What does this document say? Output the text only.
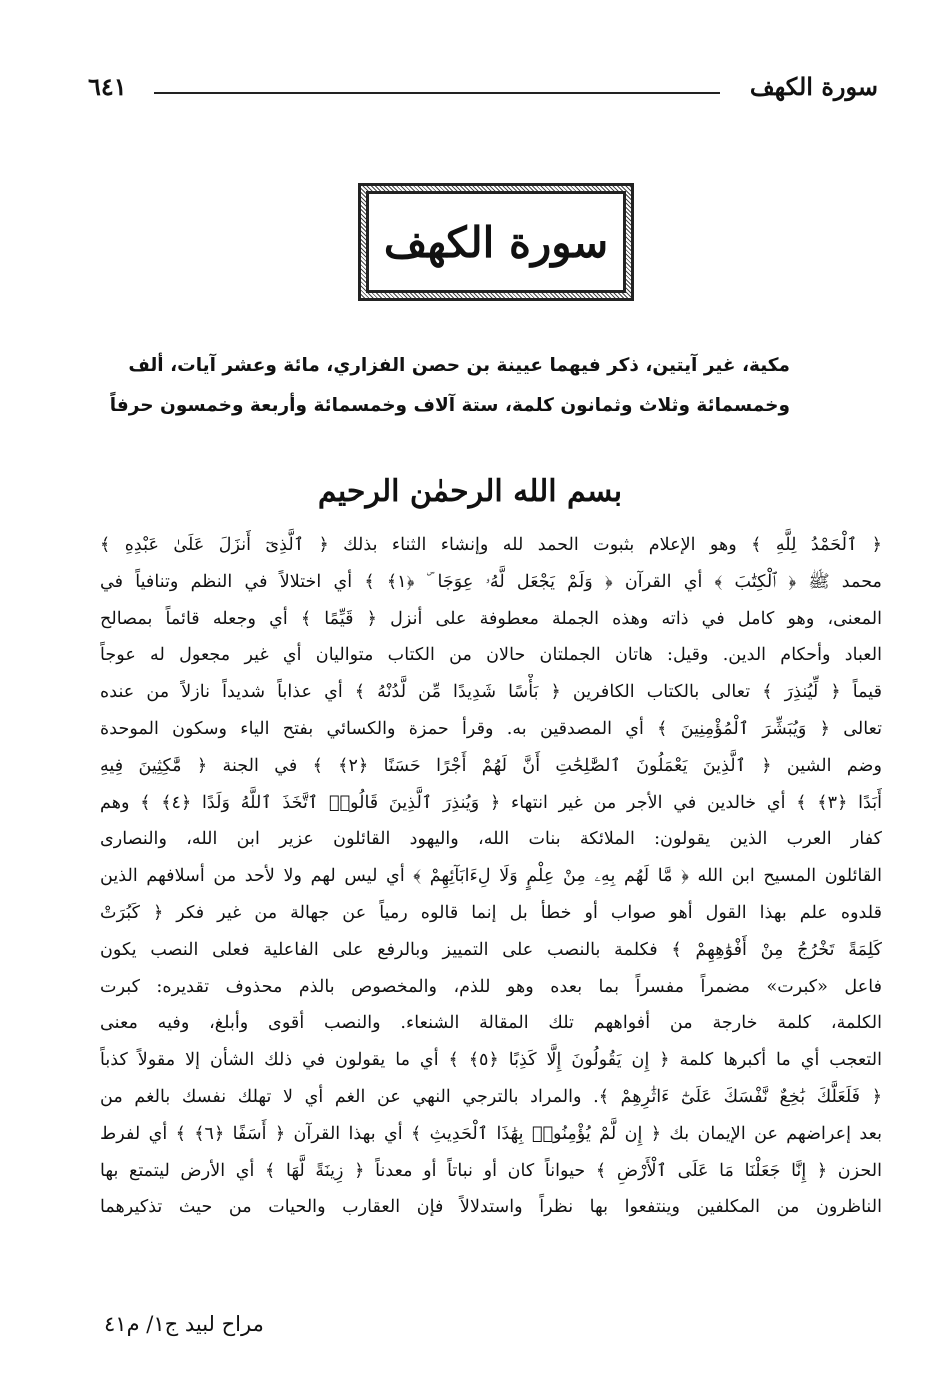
سورة الكهف
٦٤١
سورة الكهف
مكية، غير آيتين، ذكر فيهما عيينة بن حصن الفزاري، مائة وعشر آيات، ألف
وخمسمائة وثلاث وثمانون كلمة، ستة آلاف وخمسمائة وأربعة وخمسون حرفاً
بسم الله الرحمٰن الرحيم
﴿ ٱلْحَمْدُ لِلَّهِ ﴾ وهو الإعلام بثبوت الحمد لله وإنشاء الثناء بذلك ﴿ ٱلَّذِىٓ أَنزَلَ عَلَىٰ عَبْدِهِ ﴾
محمد ﷺ ﴿ ٱلْكِتَٰبَ ﴾ أي القرآن ﴿ وَلَمْ يَجْعَل لَّهُۥ عِوَجَا ۜ ﴿١﴾ ﴾ أي اختلالاً في النظم وتنافياً في
المعنى، وهو كامل في ذاته وهذه الجملة معطوفة على أنزل ﴿ قَيِّمًا ﴾ أي وجعله قائماً بمصالح
العباد وأحكام الدين. وقيل: هاتان الجملتان حالان من الكتاب متواليان أي غير مجعول له عوجاً
قيماً ﴿ لِّيُنذِرَ ﴾ تعالى بالكتاب الكافرين ﴿ بَأْسًا شَدِيدًا مِّن لَّدُنْهُ ﴾ أي عذاباً شديداً نازلاً من عنده
تعالى ﴿ وَيُبَشِّرَ ٱلْمُؤْمِنِينَ ﴾ أي المصدقين به. وقرأ حمزة والكسائي بفتح الياء وسكون الموحدة
وضم الشين ﴿ ٱلَّذِينَ يَعْمَلُونَ ٱلصَّٰلِحَٰتِ أَنَّ لَهُمْ أَجْرًا حَسَنًا ﴿٢﴾ ﴾ في الجنة ﴿ مَّٰكِثِينَ فِيهِ
أَبَدًا ﴿٣﴾ ﴾ أي خالدين في الأجر من غير انتهاء ﴿ وَيُنذِرَ ٱلَّذِينَ قَالُوا۟ ٱتَّخَذَ ٱللَّهُ وَلَدًا ﴿٤﴾ ﴾ وهم
كفار العرب الذين يقولون: الملائكة بنات الله، واليهود القائلون عزير ابن الله، والنصارى
القائلون المسيح ابن الله ﴿ مَّا لَهُم بِهِۦ مِنْ عِلْمٍ وَلَا لِءَابَآئِهِمْ ﴾ أي ليس لهم ولا لأحد من أسلافهم الذين
قلدوه علم بهذا القول أهو صواب أو خطأ بل إنما قالوه رمياً عن جهالة من غير فكر ﴿ كَبُرَتْ
كَلِمَةً تَخْرُجُ مِنْ أَفْوَٰهِهِمْ ﴾ فكلمة بالنصب على التمييز وبالرفع على الفاعلية فعلى النصب يكون
فاعل «كبرت» مضمراً مفسراً بما بعده وهو للذم، والمخصوص بالذم محذوف تقديره: كبرت
الكلمة، كلمة خارجة من أفواههم تلك المقالة الشنعاء. والنصب أقوى وأبلغ، وفيه معنى
التعجب أي ما أكبرها كلمة ﴿ إِن يَقُولُونَ إِلَّا كَذِبًا ﴿٥﴾ ﴾ أي ما يقولون في ذلك الشأن إلا مقولاً كذباً
﴿ فَلَعَلَّكَ بَٰخِعٌ نَّفْسَكَ عَلَىٰٓ ءَاثَٰرِهِمْ ﴾. والمراد بالترجي النهي عن الغم أي لا تهلك نفسك بالغم من
بعد إعراضهم عن الإيمان بك ﴿ إِن لَّمْ يُؤْمِنُوا۟ بِهَٰذَا ٱلْحَدِيثِ ﴾ أي بهذا القرآن ﴿ أَسَفًا ﴿٦﴾ ﴾ أي لفرط
الحزن ﴿ إِنَّا جَعَلْنَا مَا عَلَى ٱلْأَرْضِ ﴾ حيواناً كان أو نباتاً أو معدناً ﴿ زِينَةً لَّهَا ﴾ أي الأرض ليتمتع بها
الناظرون من المكلفين وينتفعوا بها نظراً واستدلالاً فإن العقارب والحيات من حيث تذكيرهما
مراح لبيد ج١/ م٤١
